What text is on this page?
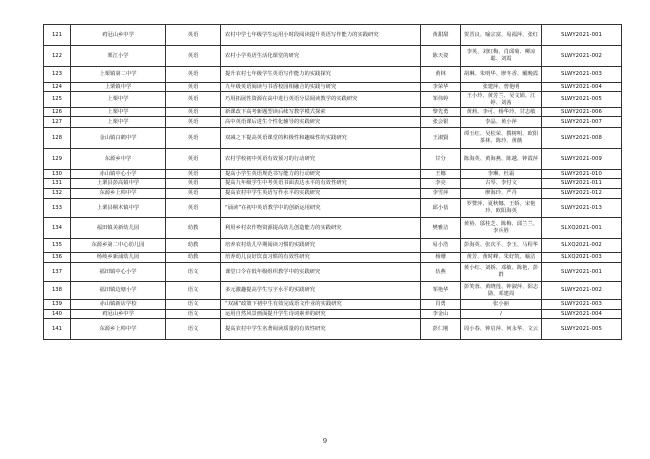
121	鸡冠山乡中学	英语	农村中学七年级学生运用小时段阅读提升英语写作能力的实践研究	黄甜甜	贺晋良、喻宗富、易福萍、张红	SLWY2021-001
122	栗江小学	英语	农村小学英语生活化课堂的研究	陈天姿	李英、刘红梅、肖邱菊、柳凉聪、刘霞	SLWY2021-002
123	上栗镇第二中学	英语	提升农村七年级学生英语写作能力的实践探究	黄林	胡琳、朱明华、廖冬香、戴晚霞	SLWY2021-003
124	上栗镇中学	英语	九年级英语阅读与书香校园相融合的实践与研究	李荣华	张建萍、曾艳明	SLWY2021-004
125	上栗中学	英语	巧用拓展性资源在高中进行英语分层阅读教学的实践研究	邹伟婷	王小玲、黄芳兰、吴文娟、江婷、刘茜	SLWY2021-005
126	上栗中学	英语	新课改下高考新题型读后续写教学模式探索	黎先勇	黄莉、李可、杨华玲、甘志敏	SLWY2021-006
127	上栗中学	英语	高中英语课后进生个性化辅导的实践研究	张会银	李晶、黄小萍	SLWY2021-007
128	金山镇白鹤中学	英语	双减之下提高英语课堂的积极性和趣味性的实践研究	王淑賢	谭玉红、吴松荣、撰树明、欧阳茶林、陈玲、黄薇	SLWY2021-008
129	东源乡中学	英语	农村学校初中英语有效预习的行动研究	甘分	陈海英、黄海燕、陈越、钟霞萍	SLWY2021-009
130	赤山镇中心小学	英语	提高小学生英语规范书写能力的行动研究	王娜	李琳、杜霜	SLWY2021-010
131	上栗县彭高镇中学	英语	提高九年级学生中考英语书面表达水平的有效性研究	李亮	古琴、李付文	SLWY2021-011
132	东源乡上埠中学	英语	提高农村中学生英语写作水平的实践研究	李雪萍	廖海玲、严丹	SLWY2021-012
133	上栗县桐木镇中学	英语	“诵读”在初中英语教学中的创新运用研究	邱小蓓	罗赞萍、夏秋娜、王娇、宋艳玲、欧阳海英	SLWY2021-013
134	福田镇美新幼儿园	幼教	利用乡村农作物资源提高幼儿创造能力的实践研究	樊雅洁	黄裕、邬桂芝、陈梅、邱兰兰、李兵胜	SLXQ2021-001
135	东源乡第二中心幼儿园	幼教	培养农村幼儿早期阅读习惯的实践研究	易小浩	彭海英、张次平、李玉、马程华	SLXQ2021-002
136	杨岐乡新浦幼儿园	幼教	培养幼儿良好饮食习惯的有效性研究	杨珊	黄芳、黄时峰、朱好筑、喻洁	SLXQ2021-003
137	福田镇中心小学	语文	课堂口令在低年级组织教学中的实践研究	伍燕	黄小红、刘娇、邓敏、陈艳、彭群	SLWY2021-001
138	福田镇边塘小学	语文	多元激趣提高学生写字水平的实践研究	邹艳华	彭笑蓉、黄晓莲、钟淑萍、阳志勋、邓建周	SLWY2021-002
139	赤山镇新店学校	语文	“双减”政策下初中生有效完成语文作业的实践研究	肖勇	张小丽	SLWY2021-003
140	鸡冠山乡中学	语文	运用自然风景画面提升学生诗词素养的研究	李金山	/	SLWY2021-004
141	东源乡上埠中学	语文	提高农村中学生名著阅读质量的有效性研究	彭仁刚	周小春、钟启萍、何永华、文云	SLWY2021-005
9
